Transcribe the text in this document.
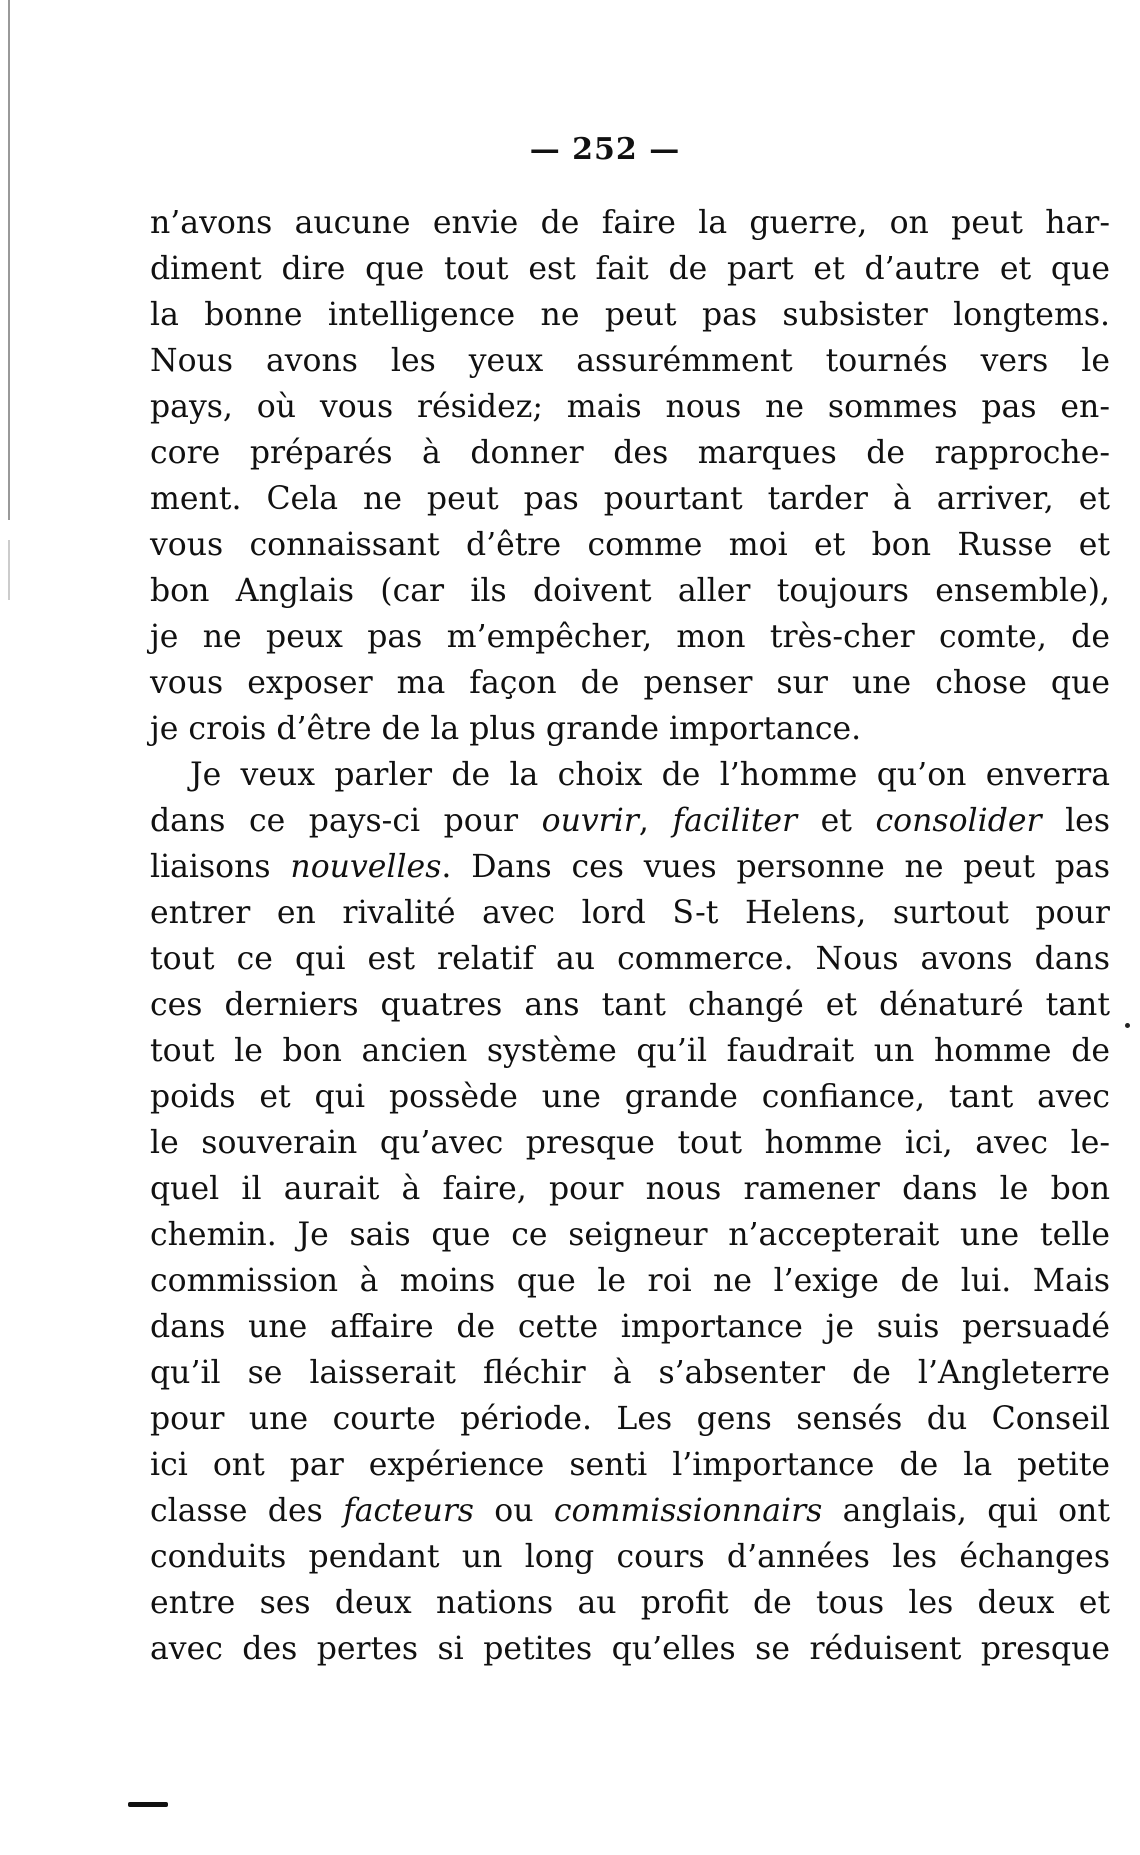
— 252 —
n’avons aucune envie de faire la guerre, on peut har-
diment dire que tout est fait de part et d’autre et que
la bonne intelligence ne peut pas subsister longtems.
Nous avons les yeux assurémment tournés vers le
pays, où vous résidez; mais nous ne sommes pas en-
core préparés à donner des marques de rapproche-
ment. Cela ne peut pas pourtant tarder à arriver, et
vous connaissant d’être comme moi et bon Russe et
bon Anglais (car ils doivent aller toujours ensemble),
je ne peux pas m’empêcher, mon très-cher comte, de
vous exposer ma façon de penser sur une chose que
je crois d’être de la plus grande importance.
Je veux parler de la choix de l’homme qu’on enverra
dans ce pays-ci pour ouvrir, faciliter et consolider les
liaisons nouvelles. Dans ces vues personne ne peut pas
entrer en rivalité avec lord S-t Helens, surtout pour
tout ce qui est relatif au commerce. Nous avons dans
ces derniers quatres ans tant changé et dénaturé tant
tout le bon ancien système qu’il faudrait un homme de
poids et qui possède une grande confiance, tant avec
le souverain qu’avec presque tout homme ici, avec le-
quel il aurait à faire, pour nous ramener dans le bon
chemin. Je sais que ce seigneur n’accepterait une telle
commission à moins que le roi ne l’exige de lui. Mais
dans une affaire de cette importance je suis persuadé
qu’il se laisserait fléchir à s’absenter de l’Angleterre
pour une courte période. Les gens sensés du Conseil
ici ont par expérience senti l’importance de la petite
classe des facteurs ou commissionnairs anglais, qui ont
conduits pendant un long cours d’années les échanges
entre ses deux nations au profit de tous les deux et
avec des pertes si petites qu’elles se réduisent presque
